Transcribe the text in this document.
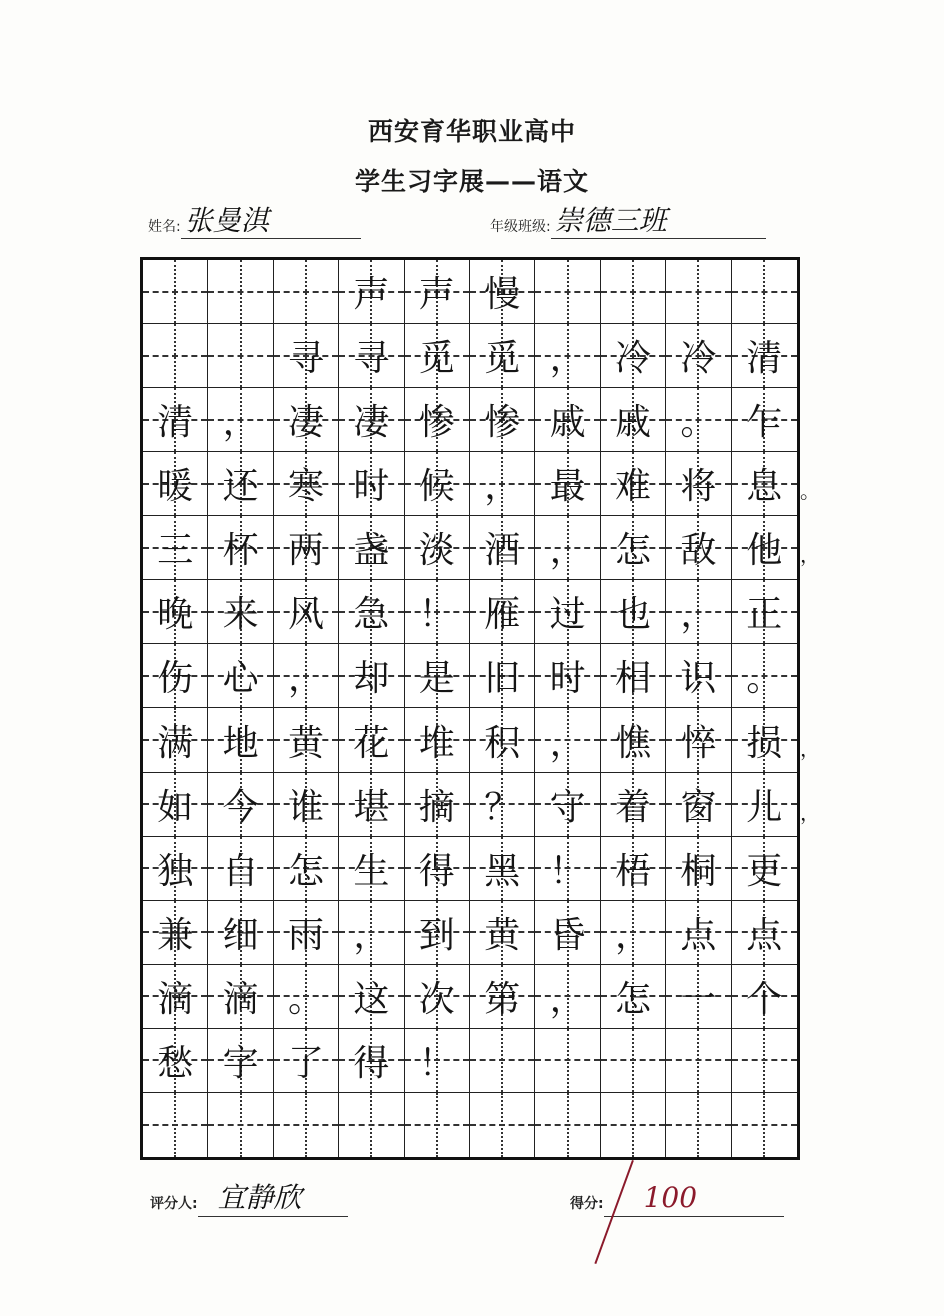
西安育华职业高中
学生习字展——语文
姓名: 张曼淇	年级班级: 崇德三班
声 声 慢
寻 寻 觅 觅 ， 冷 冷 清
清 ， 凄 凄 惨 惨 戚 戚 。 乍
暖 还 寒 时 候 ， 最 难 将 息
三 杯 两 盏 淡 酒 ， 怎 敌 他
晚 来 风 急 ！ 雁 过 也 ， 正
伤 心 ， 却 是 旧 时 相 识 。
满 地 黄 花 堆 积 ， 憔 悴 损
如 今 谁 堪 摘 ？ 守 着 窗 儿
独 自 怎 生 得 黑 ！ 梧 桐 更
兼 细 雨 ， 到 黄 昏 ， 点 点
滴 滴 。 这 次 第 ， 怎 一 个
愁 字 了 得 ！
。
，
，
，
评分人: 宜静欣	得分:	100
